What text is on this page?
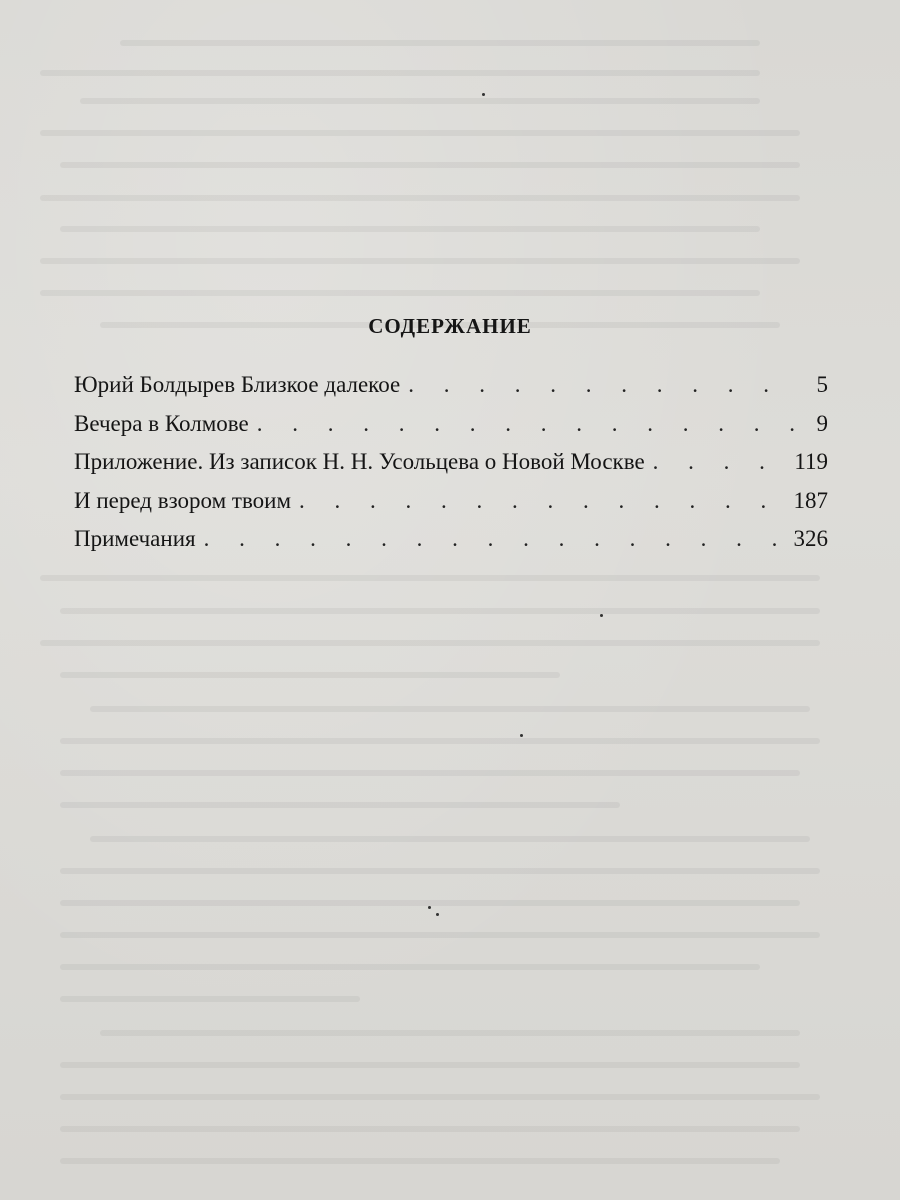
СОДЕРЖАНИЕ
Юрий Болдырев Близкое далекое . . .	5
Вечера в Колмове . . .	9
Приложение. Из записок Н. Н. Усольцева о Новой Москве . . .	119
И перед взором твоим . . .	187
Примечания . . .	326
